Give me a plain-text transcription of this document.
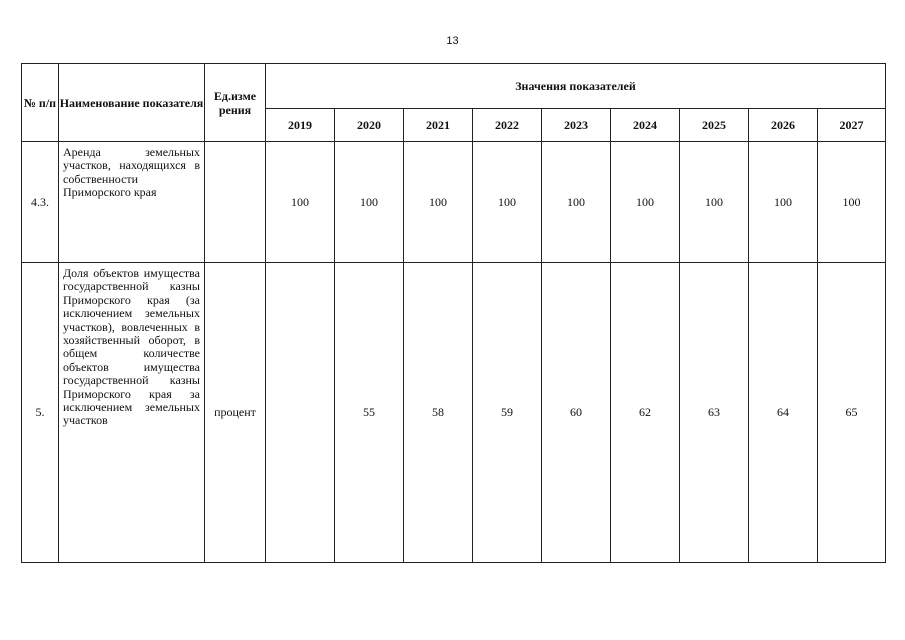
13
№ п/п	Наименование показателя	Ед.изме рения	Значения показателей								
			2019	2020	2021	2022	2023	2024	2025	2026	2027
4.3.	Аренда земельных участков, находящихся в собственности Приморского края		100	100	100	100	100	100	100	100	100
5.	Доля объектов имущества государственной казны Приморского края (за исключением земельных участков), вовлеченных в хозяйственный оборот, в общем количестве объектов имущества государственной казны Приморского края за исключением земельных участков	процент		55	58	59	60	62	63	64	65
